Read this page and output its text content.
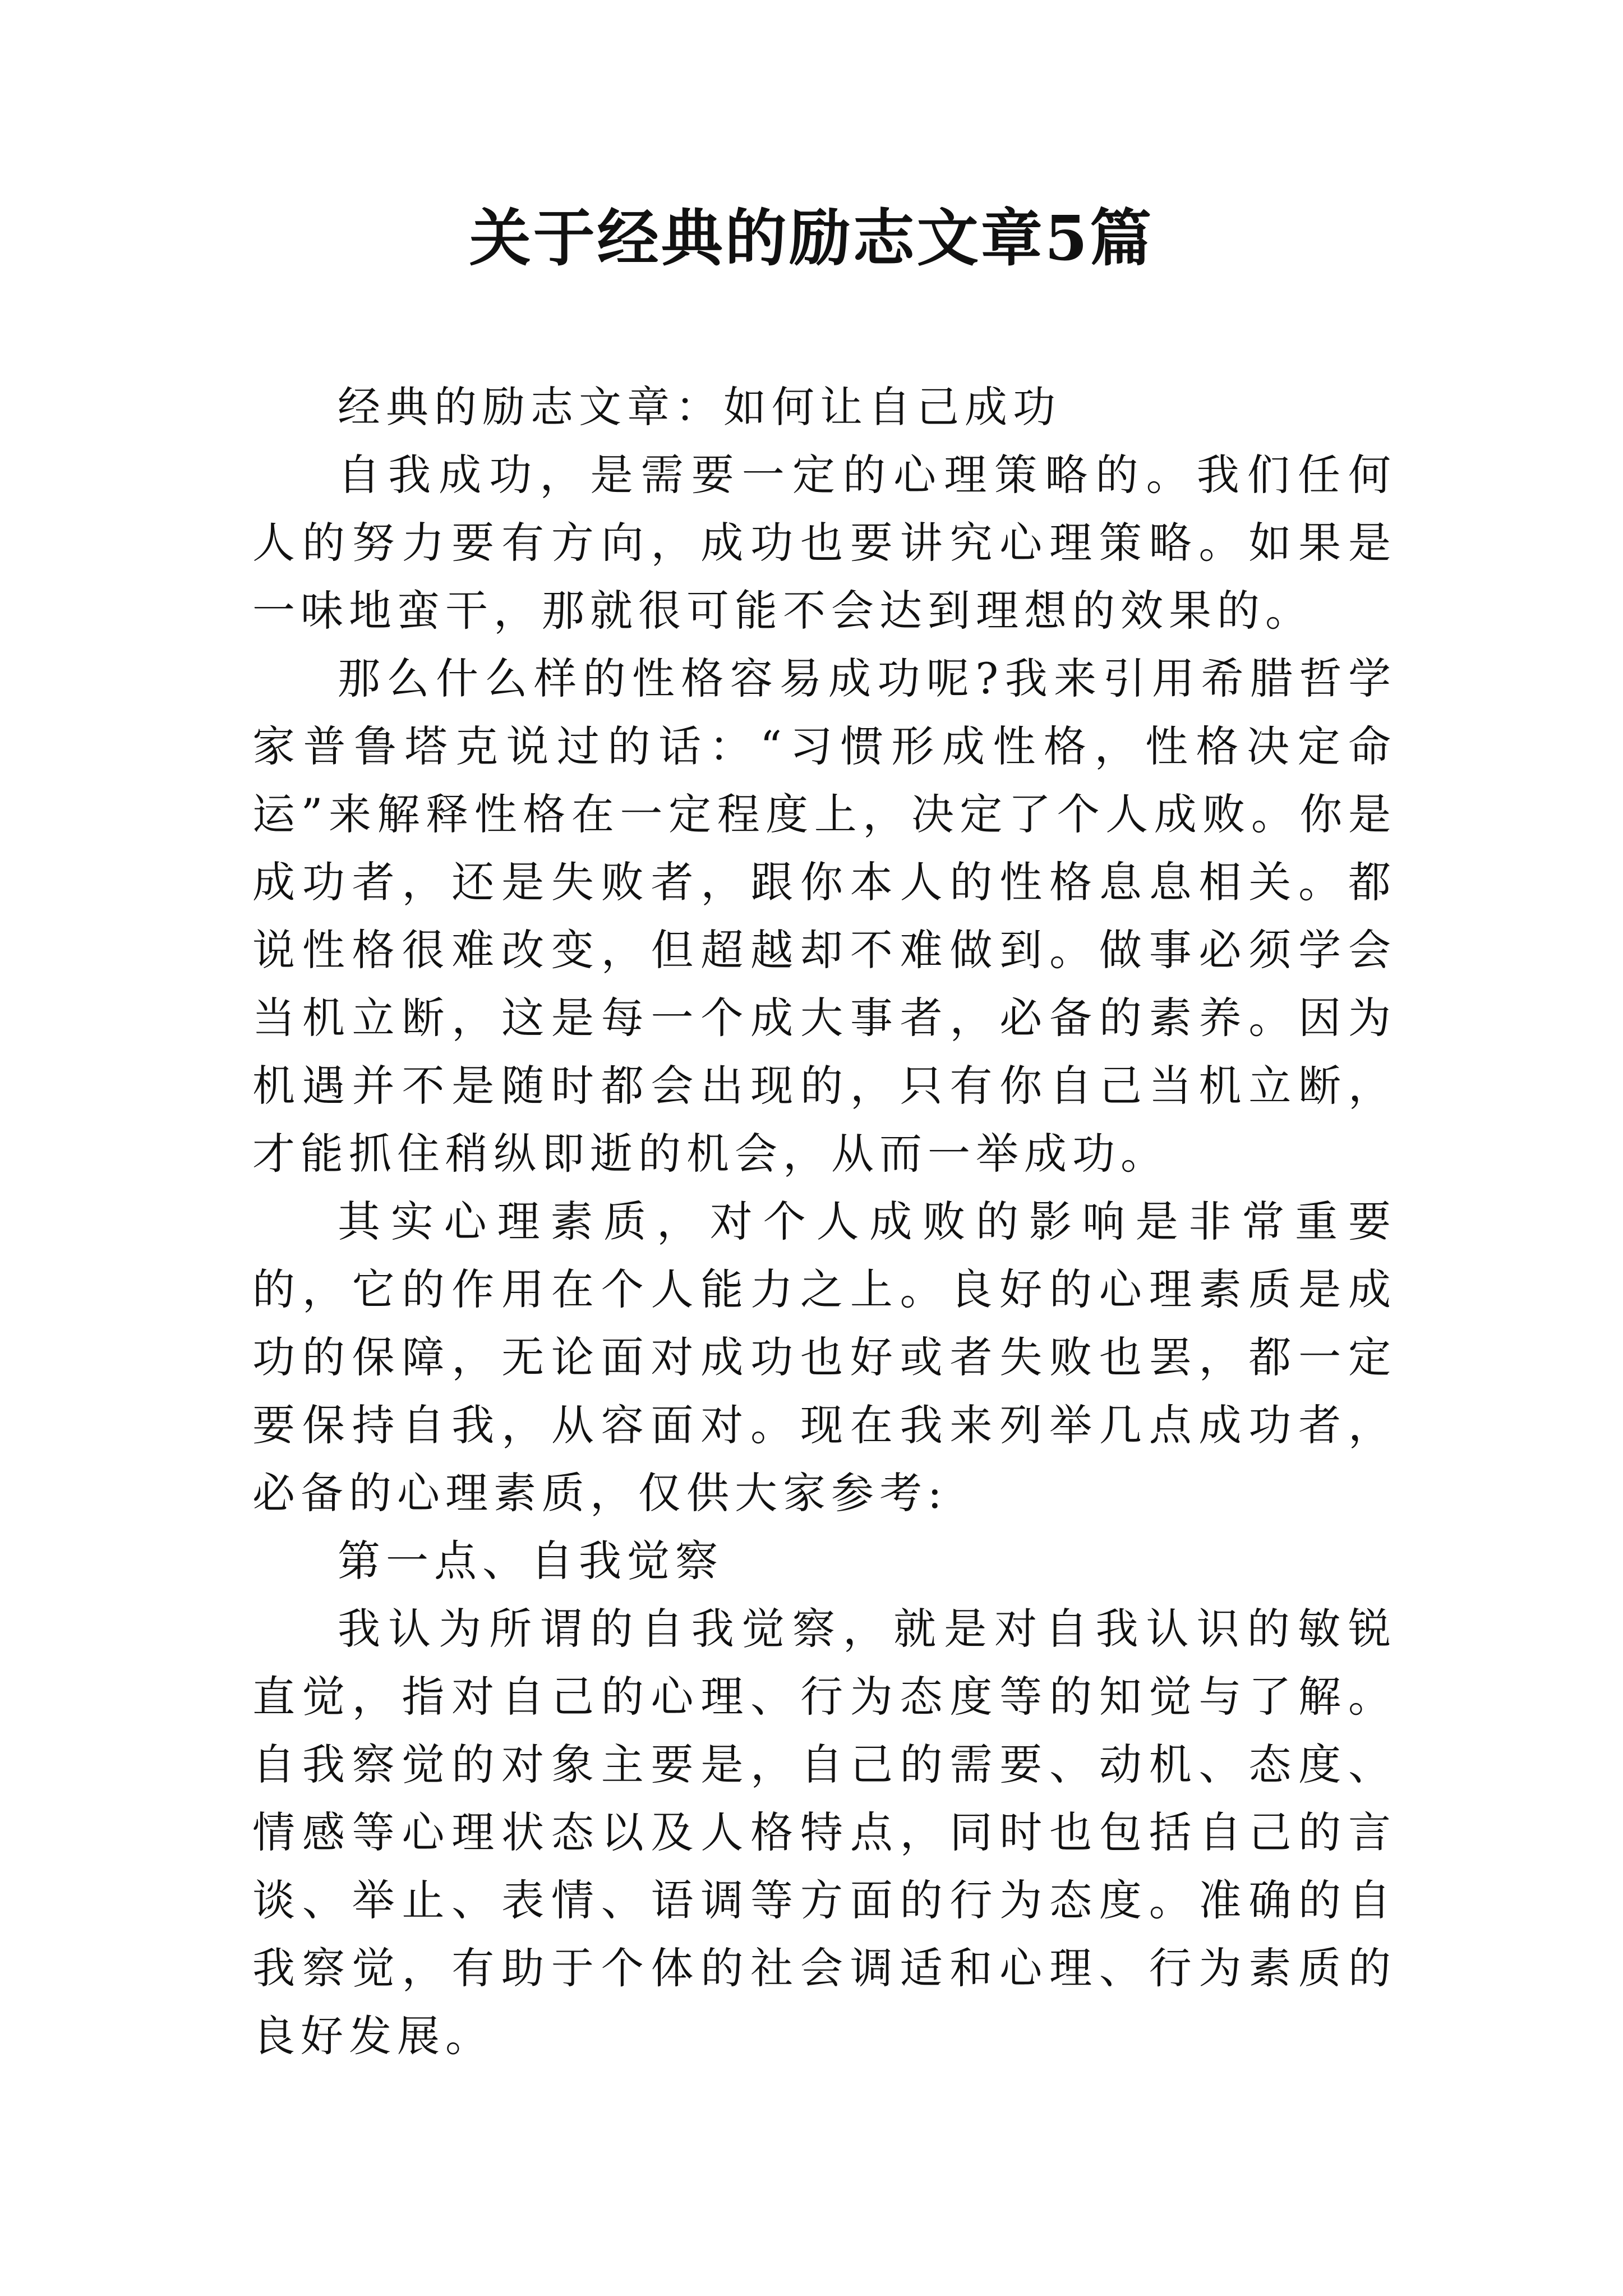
关于经典的励志文章5篇

经典的励志文章：如何让自己成功

自我成功，是需要一定的心理策略的。我们任何人的努力要有方向，成功也要讲究心理策略。如果是一味地蛮干，那就很可能不会达到理想的效果的。

那么什么样的性格容易成功呢?我来引用希腊哲学家普鲁塔克说过的话：“习惯形成性格，性格决定命运”来解释性格在一定程度上，决定了个人成败。你是成功者，还是失败者，跟你本人的性格息息相关。都说性格很难改变，但超越却不难做到。做事必须学会当机立断，这是每一个成大事者，必备的素养。因为机遇并不是随时都会出现的，只有你自己当机立断，才能抓住稍纵即逝的机会，从而一举成功。

其实心理素质，对个人成败的影响是非常重要的，它的作用在个人能力之上。良好的心理素质是成功的保障，无论面对成功也好或者失败也罢，都一定要保持自我，从容面对。现在我来列举几点成功者，必备的心理素质，仅供大家参考:

第一点、自我觉察

我认为所谓的自我觉察，就是对自我认识的敏锐直觉，指对自己的心理、行为态度等的知觉与了解。自我察觉的对象主要是，自己的需要、动机、态度、情感等心理状态以及人格特点，同时也包括自己的言谈、举止、表情、语调等方面的行为态度。准确的自我察觉，有助于个体的社会调适和心理、行为素质的良好发展。
